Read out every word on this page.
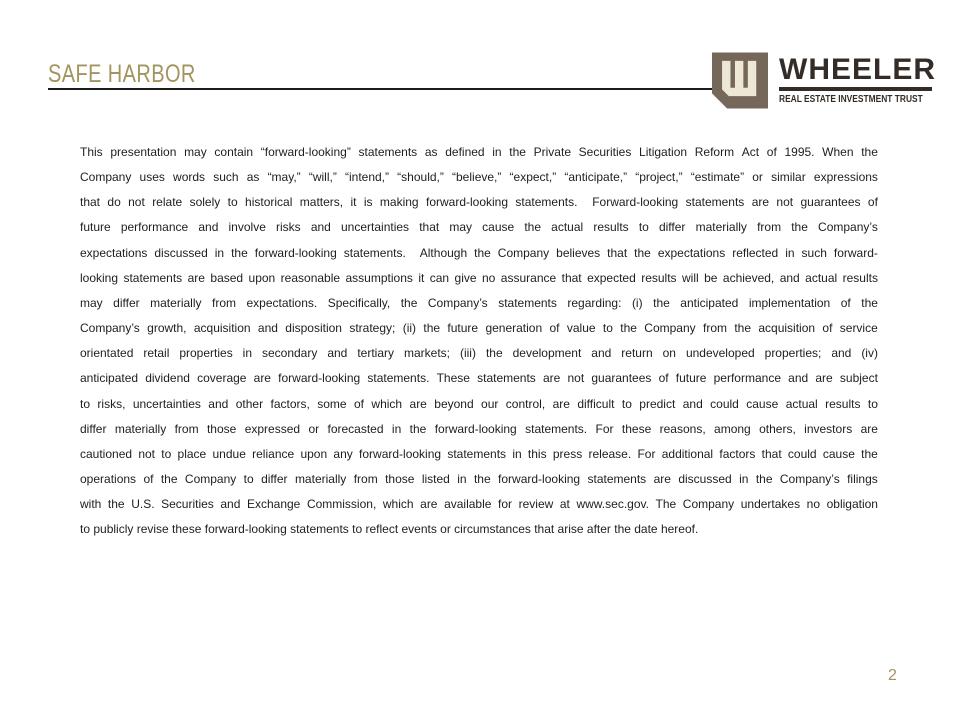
SAFE HARBOR	WHEELER
REAL ESTATE INVESTMENT TRUST
This presentation may contain “forward-looking” statements as defined in the Private Securities Litigation Reform Act of 1995. When the
Company uses words such as “may,” “will,” “intend,” “should,” “believe,” “expect,” “anticipate,” “project,” “estimate” or similar expressions
that do not relate solely to historical matters, it is making forward-looking statements. Forward-looking statements are not guarantees of
future performance and involve risks and uncertainties that may cause the actual results to differ materially from the Company’s
expectations discussed in the forward-looking statements. Although the Company believes that the expectations reflected in such forward-
looking statements are based upon reasonable assumptions it can give no assurance that expected results will be achieved, and actual results
may differ materially from expectations. Specifically, the Company’s statements regarding: (i) the anticipated implementation of the
Company’s growth, acquisition and disposition strategy; (ii) the future generation of value to the Company from the acquisition of service
orientated retail properties in secondary and tertiary markets; (iii) the development and return on undeveloped properties; and (iv)
anticipated dividend coverage are forward-looking statements. These statements are not guarantees of future performance and are subject
to risks, uncertainties and other factors, some of which are beyond our control, are difficult to predict and could cause actual results to
differ materially from those expressed or forecasted in the forward-looking statements. For these reasons, among others, investors are
cautioned not to place undue reliance upon any forward-looking statements in this press release. For additional factors that could cause the
operations of the Company to differ materially from those listed in the forward-looking statements are discussed in the Company’s filings
with the U.S. Securities and Exchange Commission, which are available for review at www.sec.gov. The Company undertakes no obligation
to publicly revise these forward-looking statements to reflect events or circumstances that arise after the date hereof.
2
